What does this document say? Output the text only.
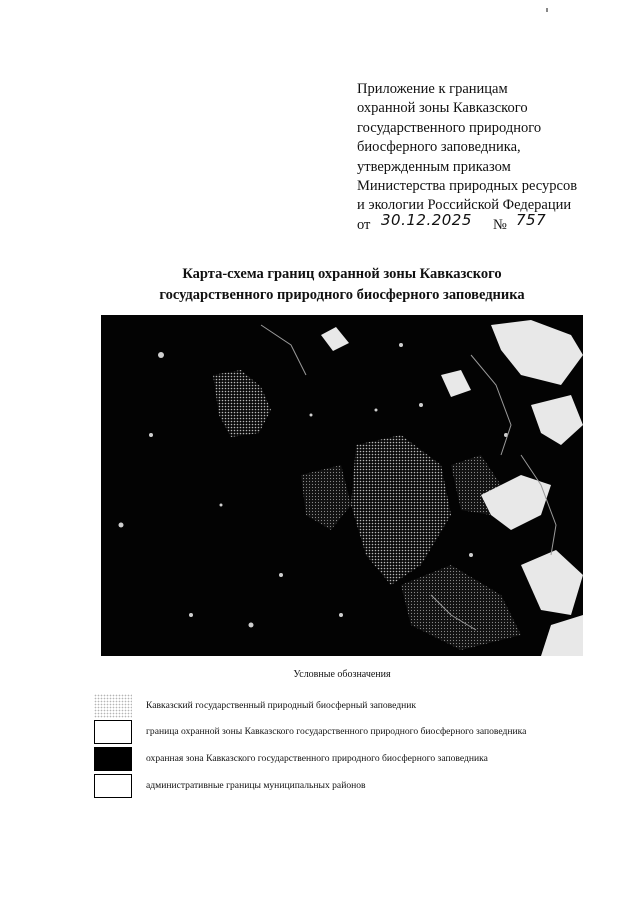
Приложение к границам
охранной зоны Кавказского
государственного природного
биосферного заповедника,
утвержденным приказом
Министерства природных ресурсов
и экологии Российской Федерации
от 30.12.2025 № 757
Карта-схема границ охранной зоны Кавказского
государственного природного биосферного заповедника
Условные обозначения
Кавказский государственный природный биосферный заповедник
граница охранной зоны Кавказского государственного природного биосферного заповедника
охранная зона Кавказского государственного природного биосферного заповедника
административные границы муниципальных районов
